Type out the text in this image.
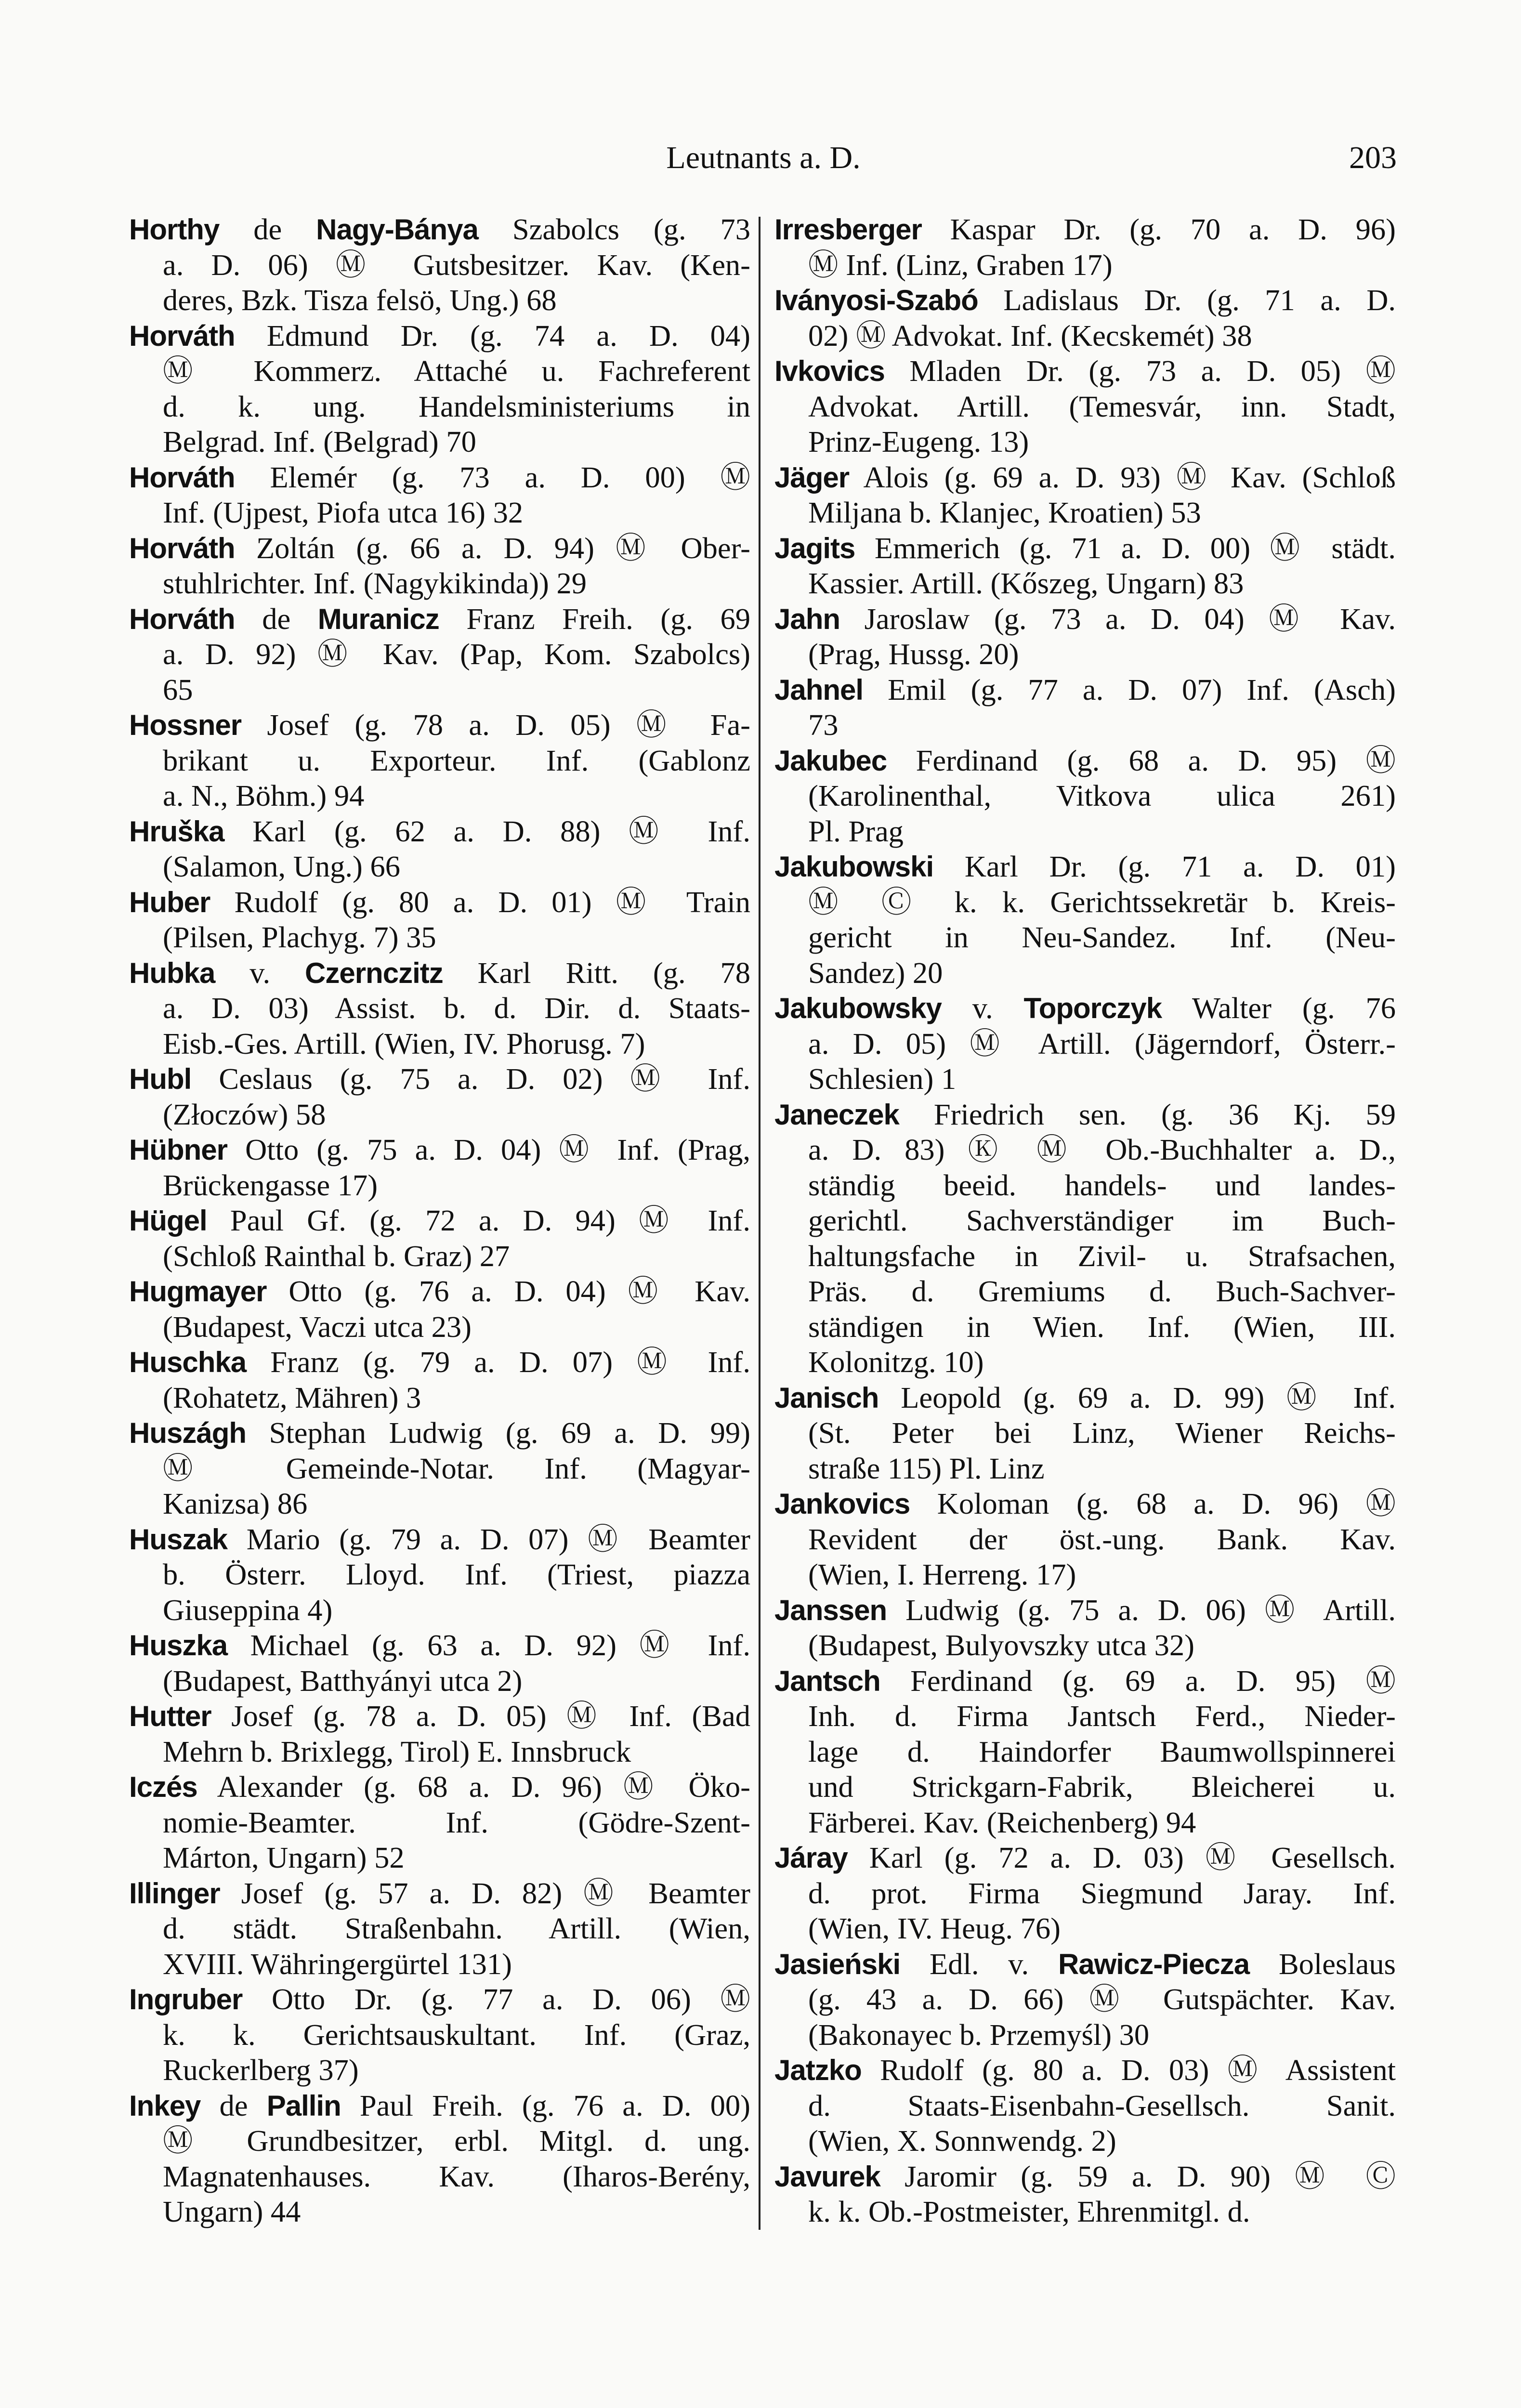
Leutnants a. D.	203
Horthy de Nagy-Bánya Szabolcs (g. 73
a. D. 06) Ⓜ Gutsbesitzer. Kav. (Ken-
deres, Bzk. Tisza felsö, Ung.) 68
Horváth Edmund Dr. (g. 74 a. D. 04)
Ⓜ Kommerz. Attaché u. Fachreferent
d. k. ung. Handelsministeriums in
Belgrad. Inf. (Belgrad) 70
Horváth Elemér (g. 73 a. D. 00) Ⓜ
Inf. (Ujpest, Piofa utca 16) 32
Horváth Zoltán (g. 66 a. D. 94) Ⓜ Ober-
stuhlrichter. Inf. (Nagykikinda)) 29
Horváth de Muranicz Franz Freih. (g. 69
a. D. 92) Ⓜ Kav. (Pap, Kom. Szabolcs)
65
Hossner Josef (g. 78 a. D. 05) Ⓜ Fa-
brikant u. Exporteur. Inf. (Gablonz
a. N., Böhm.) 94
Hruška Karl (g. 62 a. D. 88) Ⓜ Inf.
(Salamon, Ung.) 66
Huber Rudolf (g. 80 a. D. 01) Ⓜ Train
(Pilsen, Plachyg. 7) 35
Hubka v. Czernczitz Karl Ritt. (g. 78
a. D. 03) Assist. b. d. Dir. d. Staats-
Eisb.-Ges. Artill. (Wien, IV. Phorusg. 7)
Hubl Ceslaus (g. 75 a. D. 02) Ⓜ Inf.
(Złoczów) 58
Hübner Otto (g. 75 a. D. 04) Ⓜ Inf. (Prag,
Brückengasse 17)
Hügel Paul Gf. (g. 72 a. D. 94) Ⓜ Inf.
(Schloß Rainthal b. Graz) 27
Hugmayer Otto (g. 76 a. D. 04) Ⓜ Kav.
(Budapest, Vaczi utca 23)
Huschka Franz (g. 79 a. D. 07) Ⓜ Inf.
(Rohatetz, Mähren) 3
Huszágh Stephan Ludwig (g. 69 a. D. 99)
Ⓜ Gemeinde-Notar. Inf. (Magyar-
Kanizsa) 86
Huszak Mario (g. 79 a. D. 07) Ⓜ Beamter
b. Österr. Lloyd. Inf. (Triest, piazza
Giuseppina 4)
Huszka Michael (g. 63 a. D. 92) Ⓜ Inf.
(Budapest, Batthyányi utca 2)
Hutter Josef (g. 78 a. D. 05) Ⓜ Inf. (Bad
Mehrn b. Brixlegg, Tirol) E. Innsbruck
Iczés Alexander (g. 68 a. D. 96) Ⓜ Öko-
nomie-Beamter. Inf. (Gödre-Szent-
Márton, Ungarn) 52
Illinger Josef (g. 57 a. D. 82) Ⓜ Beamter
d. städt. Straßenbahn. Artill. (Wien,
XVIII. Währingergürtel 131)
Ingruber Otto Dr. (g. 77 a. D. 06) Ⓜ
k. k. Gerichtsauskultant. Inf. (Graz,
Ruckerlberg 37)
Inkey de Pallin Paul Freih. (g. 76 a. D. 00)
Ⓜ Grundbesitzer, erbl. Mitgl. d. ung.
Magnatenhauses. Kav. (Iharos-Berény,
Ungarn) 44
Irresberger Kaspar Dr. (g. 70 a. D. 96)
Ⓜ Inf. (Linz, Graben 17)
Iványosi-Szabó Ladislaus Dr. (g. 71 a. D.
02) Ⓜ Advokat. Inf. (Kecskemét) 38
Ivkovics Mladen Dr. (g. 73 a. D. 05) Ⓜ
Advokat. Artill. (Temesvár, inn. Stadt,
Prinz-Eugeng. 13)
Jäger Alois (g. 69 a. D. 93) Ⓜ Kav. (Schloß
Miljana b. Klanjec, Kroatien) 53
Jagits Emmerich (g. 71 a. D. 00) Ⓜ städt.
Kassier. Artill. (Kőszeg, Ungarn) 83
Jahn Jaroslaw (g. 73 a. D. 04) Ⓜ Kav.
(Prag, Hussg. 20)
Jahnel Emil (g. 77 a. D. 07) Inf. (Asch)
73
Jakubec Ferdinand (g. 68 a. D. 95) Ⓜ
(Karolinenthal, Vitkova ulica 261)
Pl. Prag
Jakubowski Karl Dr. (g. 71 a. D. 01)
Ⓜ Ⓒ k. k. Gerichtssekretär b. Kreis-
gericht in Neu-Sandez. Inf. (Neu-
Sandez) 20
Jakubowsky v. Toporczyk Walter (g. 76
a. D. 05) Ⓜ Artill. (Jägerndorf, Österr.-
Schlesien) 1
Janeczek Friedrich sen. (g. 36 Kj. 59
a. D. 83) Ⓚ Ⓜ Ob.-Buchhalter a. D.,
ständig beeid. handels- und landes-
gerichtl. Sachverständiger im Buch-
haltungsfache in Zivil- u. Strafsachen,
Präs. d. Gremiums d. Buch-Sachver-
ständigen in Wien. Inf. (Wien, III.
Kolonitzg. 10)
Janisch Leopold (g. 69 a. D. 99) Ⓜ Inf.
(St. Peter bei Linz, Wiener Reichs-
straße 115) Pl. Linz
Jankovics Koloman (g. 68 a. D. 96) Ⓜ
Revident der öst.-ung. Bank. Kav.
(Wien, I. Herreng. 17)
Janssen Ludwig (g. 75 a. D. 06) Ⓜ Artill.
(Budapest, Bulyovszky utca 32)
Jantsch Ferdinand (g. 69 a. D. 95) Ⓜ
Inh. d. Firma Jantsch Ferd., Nieder-
lage d. Haindorfer Baumwollspinnerei
und Strickgarn-Fabrik, Bleicherei u.
Färberei. Kav. (Reichenberg) 94
Járay Karl (g. 72 a. D. 03) Ⓜ Gesellsch.
d. prot. Firma Siegmund Jaray. Inf.
(Wien, IV. Heug. 76)
Jasieński Edl. v. Rawicz-Piecza Boleslaus
(g. 43 a. D. 66) Ⓜ Gutspächter. Kav.
(Bakonayec b. Przemyśl) 30
Jatzko Rudolf (g. 80 a. D. 03) Ⓜ Assistent
d. Staats-Eisenbahn-Gesellsch. Sanit.
(Wien, X. Sonnwendg. 2)
Javurek Jaromir (g. 59 a. D. 90) Ⓜ Ⓒ
k. k. Ob.-Postmeister, Ehrenmitgl. d.
